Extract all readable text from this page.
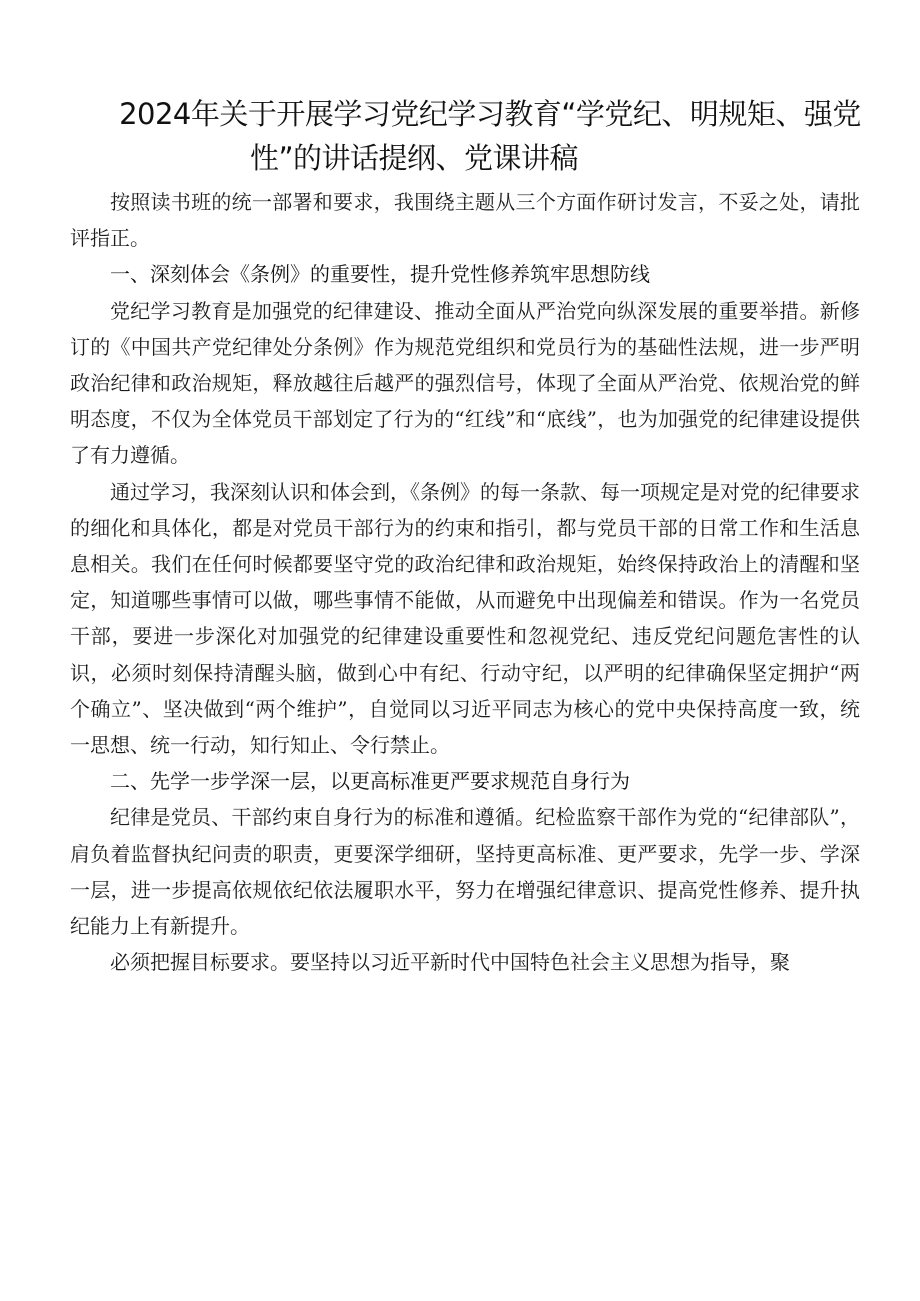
2024年关于开展学习党纪学习教育“学党纪、明规矩、强党
性”的讲话提纲、党课讲稿

按照读书班的统一部署和要求，我围绕主题从三个方面作研讨发言，不妥之处，请批评指正。

一、深刻体会《条例》的重要性，提升党性修养筑牢思想防线

党纪学习教育是加强党的纪律建设、推动全面从严治党向纵深发展的重要举措。新修订的《中国共产党纪律处分条例》作为规范党组织和党员行为的基础性法规，进一步严明政治纪律和政治规矩，释放越往后越严的强烈信号，体现了全面从严治党、依规治党的鲜明态度，不仅为全体党员干部划定了行为的“红线”和“底线”，也为加强党的纪律建设提供了有力遵循。

通过学习，我深刻认识和体会到，《条例》的每一条款、每一项规定是对党的纪律要求的细化和具体化，都是对党员干部行为的约束和指引，都与党员干部的日常工作和生活息息相关。我们在任何时候都要坚守党的政治纪律和政治规矩，始终保持政治上的清醒和坚定，知道哪些事情可以做，哪些事情不能做，从而避免中出现偏差和错误。作为一名党员干部，要进一步深化对加强党的纪律建设重要性和忽视党纪、违反党纪问题危害性的认识，必须时刻保持清醒头脑，做到心中有纪、行动守纪，以严明的纪律确保坚定拥护“两个确立”、坚决做到“两个维护”，自觉同以习近平同志为核心的党中央保持高度一致，统一思想、统一行动，知行知止、令行禁止。

二、先学一步学深一层，以更高标准更严要求规范自身行为

纪律是党员、干部约束自身行为的标准和遵循。纪检监察干部作为党的“纪律部队”，肩负着监督执纪问责的职责，更要深学细研，坚持更高标准、更严要求，先学一步、学深一层，进一步提高依规依纪依法履职水平，努力在增强纪律意识、提高党性修养、提升执纪能力上有新提升。

必须把握目标要求。要坚持以习近平新时代中国特色社会主义思想为指导，聚
